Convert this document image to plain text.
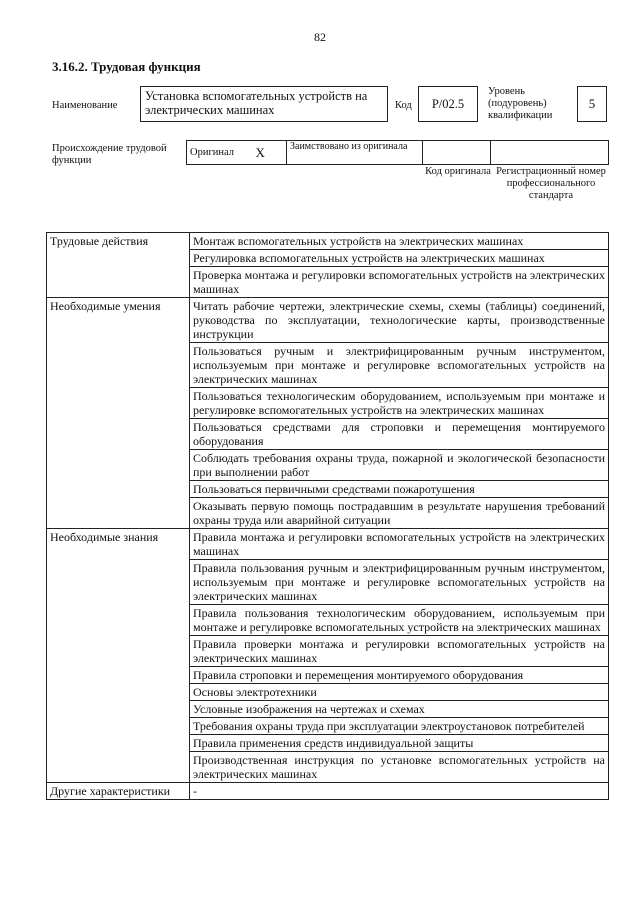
82
3.16.2. Трудовая функция
Наименование
Установка вспомогательных устройств на электрических машинах	Код	Р/02.5
Уровень (подуровень) квалификации
5
Происхождение трудовой функции
Оригинал	X	Заимствовано из оригинала		
Код оригинала Регистрационный номер профессионального стандарта
Трудовые действия	Монтаж вспомогательных устройств на электрических машинах
	Регулировка вспомогательных устройств на электрических машинах
	Проверка монтажа и регулировки вспомогательных устройств на электрических машинах
Необходимые умения	Читать рабочие чертежи, электрические схемы, схемы (таблицы) соединений, руководства по эксплуатации, технологические карты, производственные инструкции
	Пользоваться ручным и электрифицированным ручным инструментом, используемым при монтаже и регулировке вспомогательных устройств на электрических машинах
	Пользоваться технологическим оборудованием, используемым при монтаже и регулировке вспомогательных устройств на электрических машинах
	Пользоваться средствами для строповки и перемещения монтируемого оборудования
	Соблюдать требования охраны труда, пожарной и экологической безопасности при выполнении работ
	Пользоваться первичными средствами пожаротушения
	Оказывать первую помощь пострадавшим в результате нарушения требований охраны труда или аварийной ситуации
Необходимые знания	Правила монтажа и регулировки вспомогательных устройств на электрических машинах
	Правила пользования ручным и электрифицированным ручным инструментом, используемым при монтаже и регулировке вспомогательных устройств на электрических машинах
	Правила пользования технологическим оборудованием, используемым при монтаже и регулировке вспомогательных устройств на электрических машинах
	Правила проверки монтажа и регулировки вспомогательных устройств на электрических машинах
	Правила строповки и перемещения монтируемого оборудования
	Основы электротехники
	Условные изображения на чертежах и схемах
	Требования охраны труда при эксплуатации электроустановок потребителей
	Правила применения средств индивидуальной защиты
	Производственная инструкция по установке вспомогательных устройств на электрических машинах
Другие характеристики	-
